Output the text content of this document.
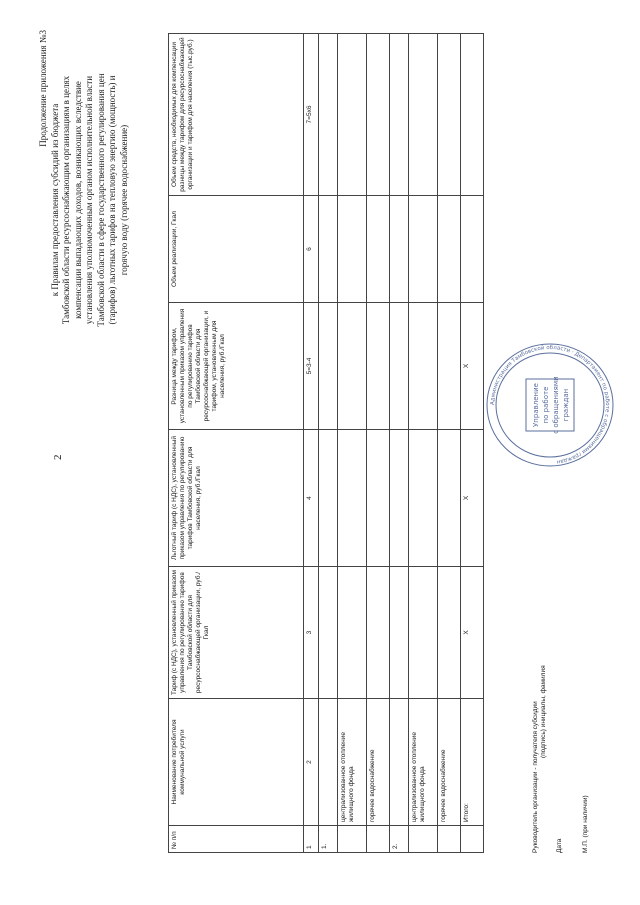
2
Продолжение приложения №3
к Правилам предоставления субсидий из бюджета Тамбовской области ресурсоснабжающим организациям в целях компенсации выпадающих доходов, возникающих вследствие установления уполномоченным органом исполнительной власти Тамбовской области в сфере государственного регулирования цен (тарифов) льготных тарифов на тепловую энергию (мощность) и горячую воду (горячее водоснабжение)
№ п/п	Наименование потребителя коммунальной услуги	Тариф (с НДС), установленный приказом управления по регулированию тарифов Тамбовской области для ресурсоснабжающей организации, руб./Гкал	Льготный тариф (с НДС), установленный приказом управления по регулированию тарифов Тамбовской области для населения, руб./Гкал	Разница между тарифом, установленным приказом управления по регулированию тарифов Тамбовской области для ресурсоснабжающей организации, и тарифом, установленным для населения, руб./Гкал	Объем реализации, Гкал	Объем средств, необходимых для компенсации разницы между тарифом для ресурсоснабжающей организации и тарифом для населения (тыс.руб.)
1	2	3	4	5=3-4	6	7=5х6
1.						
	централизованное отопление жилищного фонда					
	горячее водоснабжение					
2.						
	централизованное отопление жилищного фонда					
	горячее водоснабжение					
	Итого:	Х	Х	Х		
Руководитель организации - получателя субсидии (подпись) инициалы, фамилия
Дата	М.П. (при наличии)
Управление по работе с обращениями граждан
Администрация Тамбовской области · Департамент по работе с обращениями граждан
